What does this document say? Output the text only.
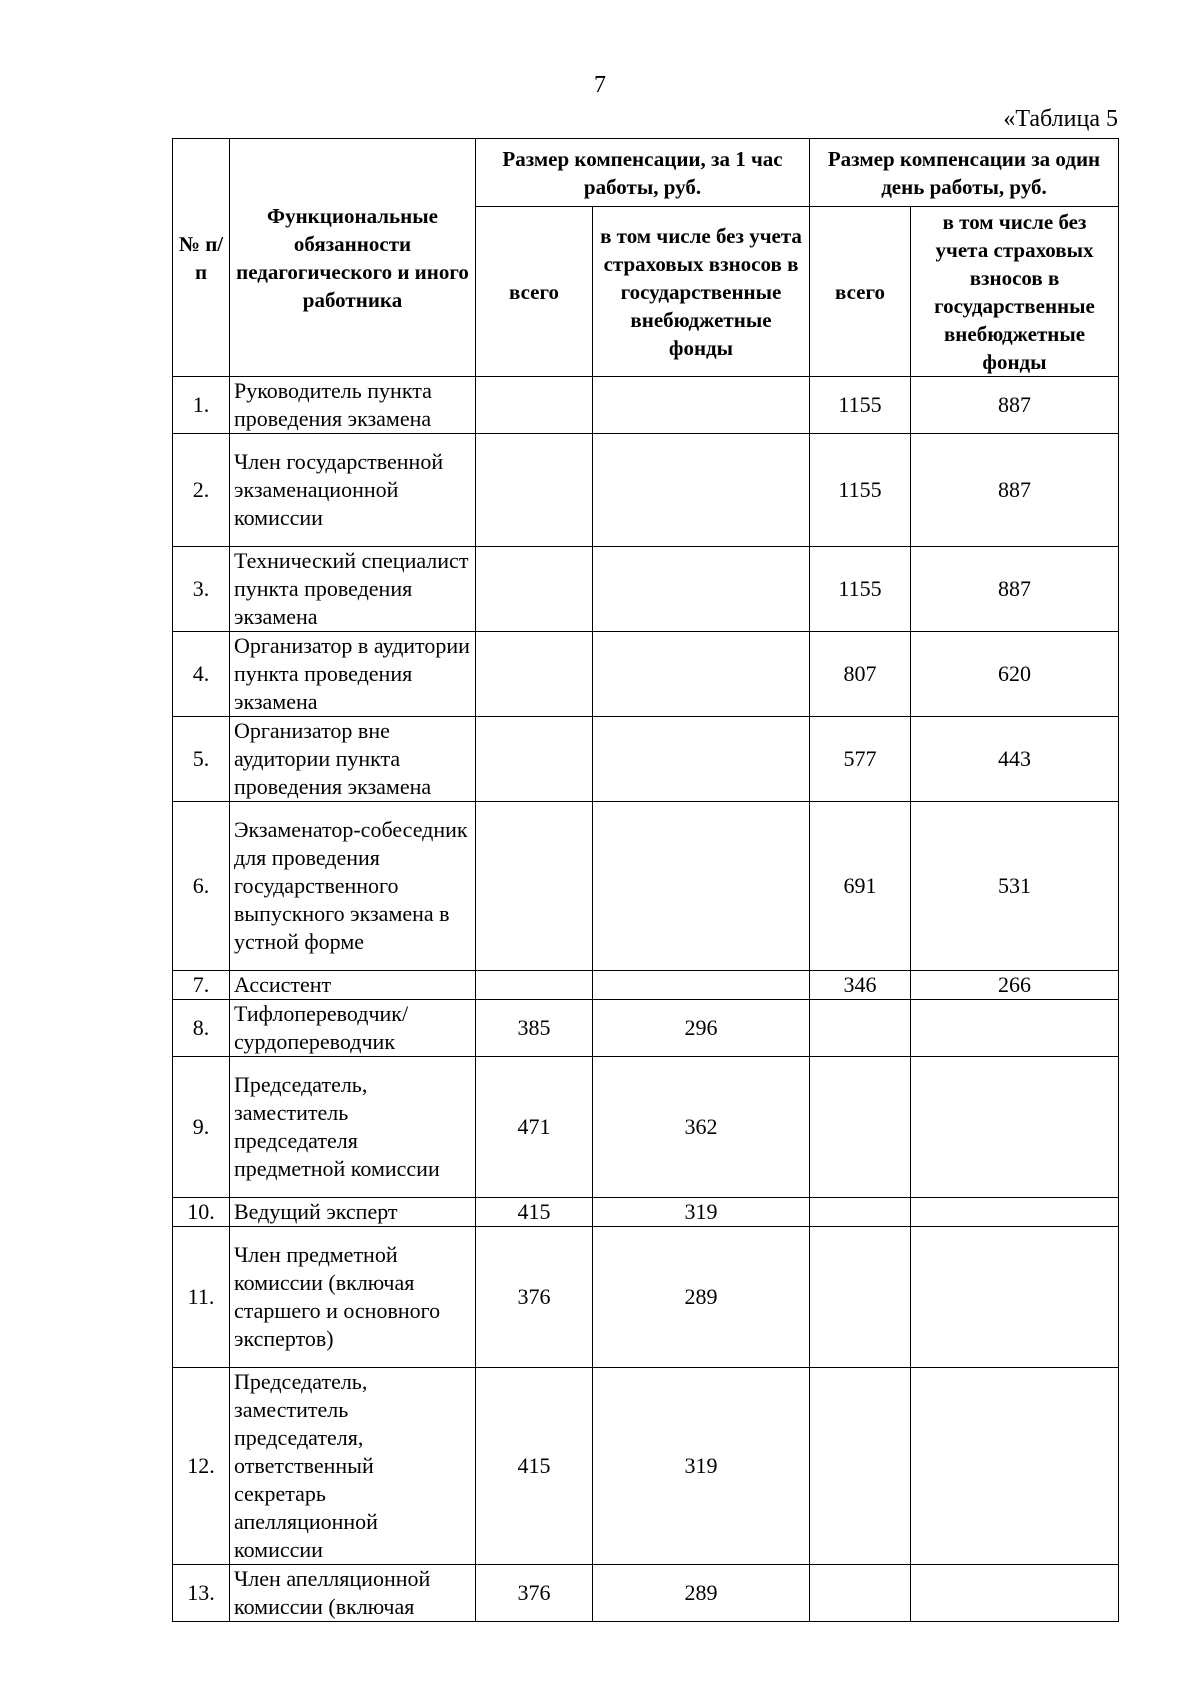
7
«Таблица 5
№ п/п	Функциональные обязанности педагогического и иного работника	Размер компенсации, за 1 час работы, руб.		Размер компенсации за один день работы, руб.	
		всего	в том числе без учета страховых взносов в государственные внебюджетные фонды	всего	в том числе без учета страховых взносов в государственные внебюджетные фонды
1.	Руководитель пункта проведения экзамена			1155	887
2.	Член государственной экзаменационной комиссии			1155	887
3.	Технический специалист пункта проведения экзамена			1155	887
4.	Организатор в аудитории пункта проведения экзамена			807	620
5.	Организатор вне аудитории пункта проведения экзамена			577	443
6.	Экзаменатор-собеседник для проведения государственного выпускного экзамена в устной форме			691	531
7.	Ассистент			346	266
8.	Тифлопереводчик/ сурдопереводчик	385	296		
9.	Председатель, заместитель председателя предметной комиссии	471	362		
10.	Ведущий эксперт	415	319		
11.	Член предметной комиссии (включая старшего и основного экспертов)	376	289		
12.	Председатель, заместитель председателя, ответственный секретарь апелляционной комиссии	415	319		
13.	Член апелляционной комиссии (включая	376	289		
